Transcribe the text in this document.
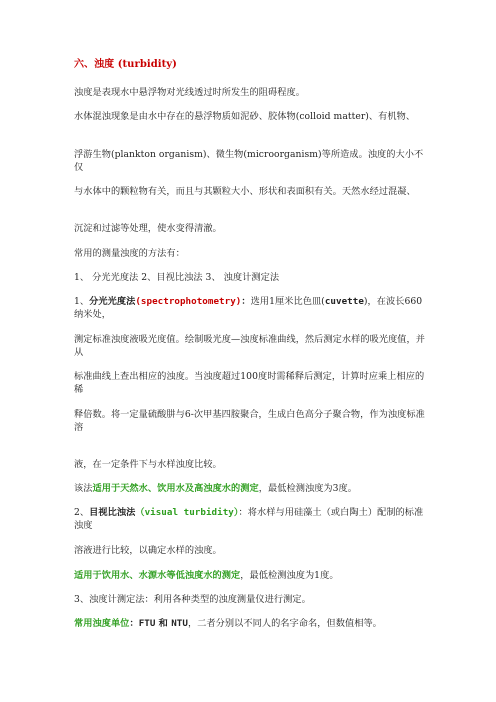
六、浊度 (turbidity)

浊度是表现水中悬浮物对光线透过时所发生的阻碍程度。

水体混浊现象是由水中存在的悬浮物质如泥砂、胶体物(colloid matter)、有机物、

浮游生物(plankton organism)、微生物(microorganism)等所造成。浊度的大小不仅

与水体中的颗粒物有关，而且与其颗粒大小、形状和表面积有关。天然水经过混凝、

沉淀和过滤等处理，使水变得清澈。

常用的测量浊度的方法有：

1、 分光光度法 2、目视比浊法 3、 浊度计测定法

1、分光光度法(spectrophotometry)：选用1厘米比色皿(cuvette)，在波长660纳米处，

测定标准浊度液吸光度值。绘制吸光度—浊度标准曲线，然后测定水样的吸光度值，并从

标准曲线上查出相应的浊度。当浊度超过100度时需稀释后测定，计算时应乘上相应的稀

释倍数。将一定量硫酸肼与6-次甲基四胺聚合，生成白色高分子聚合物，作为浊度标准溶

液，在一定条件下与水样浊度比较。

该法适用于天然水、饮用水及高浊度水的测定，最低检测浊度为3度。

2、目视比浊法（visual turbidity）：将水样与用硅藻土（或白陶土）配制的标准浊度

溶液进行比较，以确定水样的浊度。

适用于饮用水、水源水等低浊度水的测定，最低检测浊度为1度。

3、浊度计测定法：利用各种类型的浊度测量仪进行测定。

常用浊度单位：FTU 和 NTU，二者分别以不同人的名字命名，但数值相等。
